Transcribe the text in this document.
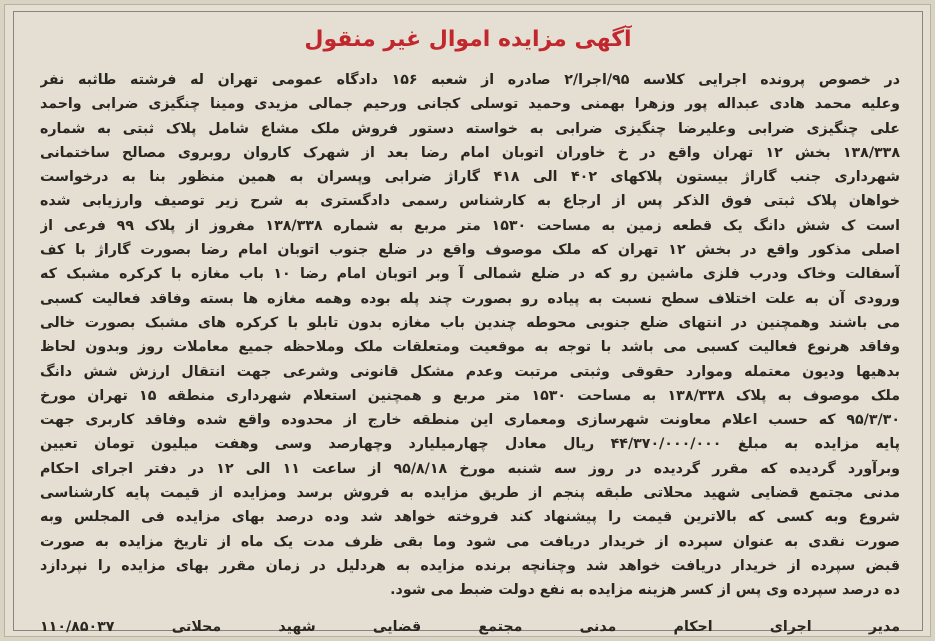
آگهی مزایده اموال غیر منقول
در خصوص پرونده اجرایی کلاسه ۹۵/اجرا/۲ صادره از شعبه ۱۵۶ دادگاه عمومی تهران له فرشته طاثبه نفر
وعلیه محمد هادی عبداله پور وزهرا بهمنی وحمید توسلی کجانی ورحیم جمالی مزیدی ومینا چنگیزی ضرابی واحمد
علی چنگیزی ضرابی وعلیرضا چنگیزی ضرابی به خواسته دستور فروش ملک مشاع شامل پلاک ثبتی به شماره
۱۳۸/۳۳۸ بخش ۱۲ تهران واقع در خ خاوران اتوبان امام رضا بعد از شهرک کاروان روبروی مصالح ساختمانی
شهرداری جنب گاراژ بیستون پلاکهای ۴۰۲ الی ۴۱۸ گاراژ ضرابی وپسران به همین منظور بنا به درخواست
خواهان پلاک ثبتی فوق الذکر پس از ارجاع به کارشناس رسمی دادگستری به شرح زیر توصیف وارزیابی شده
است ک شش دانگ یک قطعه زمین به مساحت ۱۵۳۰ متر مربع به شماره ۱۳۸/۳۳۸ مفروز از پلاک ۹۹ فرعی از
اصلی مذکور واقع در بخش ۱۲ تهران که ملک موصوف واقع در ضلع جنوب اتوبان امام رضا بصورت گاراژ با کف
آسفالت وخاک ودرب فلزی ماشین رو که در ضلع شمالی آ وبر اتوبان امام رضا ۱۰ باب مغازه با کرکره مشبک که
ورودی آن به علت اختلاف سطح نسبت به پیاده رو بصورت چند پله بوده وهمه مغازه ها بسته وفاقد فعالیت کسبی
می باشند وهمچنین در انتهای ضلع جنوبی محوطه چندین باب مغازه بدون تابلو با کرکره های مشبک بصورت خالی
وفاقد هرنوع فعالیت کسبی می باشد با توجه به موقعیت ومتعلقات ملک وملاحظه جمیع معاملات روز وبدون لحاظ
بدهیها ودیون معتمله وموارد حقوقی وثبتی مرتبت وعدم مشکل قانونی وشرعی جهت انتقال ارزش شش دانگ
ملک موصوف به پلاک ۱۳۸/۳۳۸ به مساحت ۱۵۳۰ متر مربع و همچنین استعلام شهرداری منطقه ۱۵ تهران مورخ
۹۵/۳/۳۰ که حسب اعلام معاونت شهرسازی ومعماری این منطقه خارج از محدوده واقع شده وفاقد کاربری جهت
پایه مزایده به مبلغ ۴۴/۳۷۰/۰۰۰/۰۰۰ ریال معادل چهارمیلیارد وچهارصد وسی وهفت میلیون تومان تعیین
وبرآورد گردیده که مقرر گردیده در روز سه شنبه مورخ ۹۵/۸/۱۸ از ساعت ۱۱ الی ۱۲ در دفتر اجرای احکام
مدنی مجتمع قضایی شهید محلاتی طبقه پنجم از طریق مزایده به فروش برسد ومزایده از قیمت پایه کارشناسی
شروع وبه کسی که بالاترین قیمت را پیشنهاد کند فروخته خواهد شد وده درصد بهای مزایده فی المجلس وبه
صورت نقدی به عنوان سپرده از خریدار دریافت می شود وما بقی ظرف مدت یک ماه از تاریخ مزایده به صورت
قبض سپرده از خریدار دریافت خواهد شد وچنانچه برنده مزایده به هردلیل در زمان مقرر بهای مزایده را نپردازد
ده درصد سپرده وی پس از کسر هزینه مزایده به نفع دولت ضبط می شود.
مدیر اجرای احکام مدنی مجتمع قضایی شهید محلاتی ۱۱۰/۸۵۰۳۷
